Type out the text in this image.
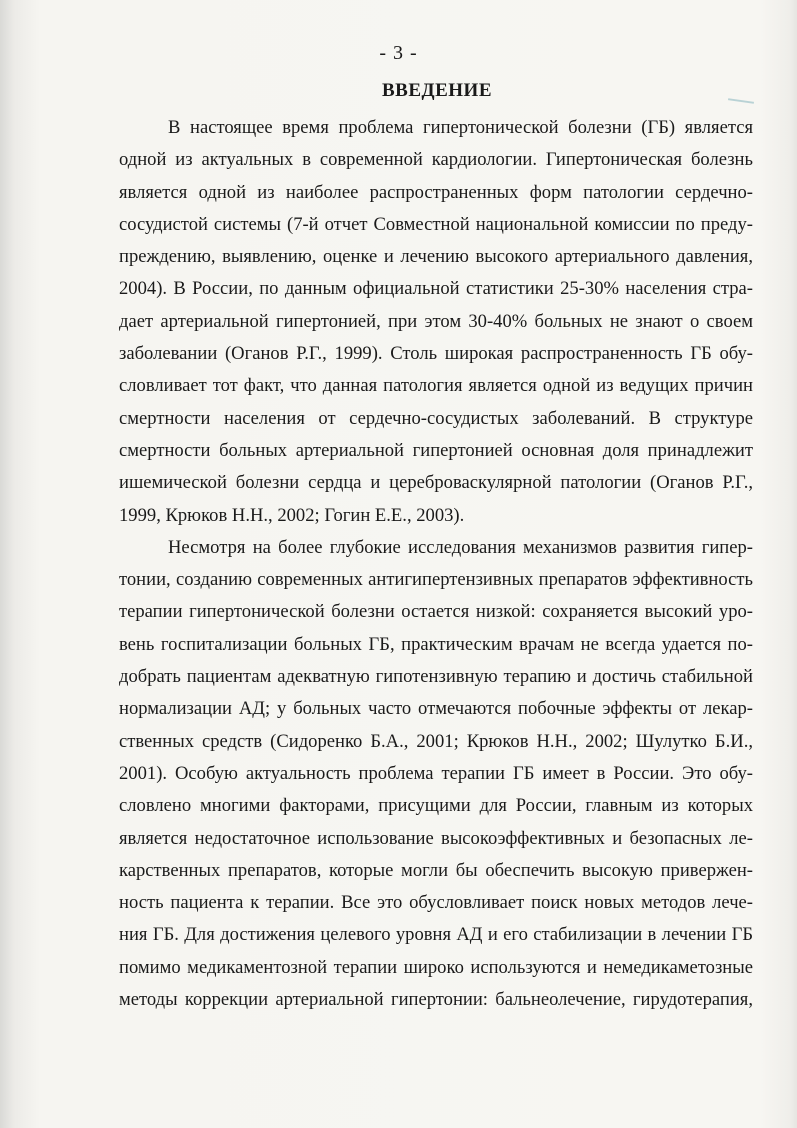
- 3 -
ВВЕДЕНИЕ

В настоящее время проблема гипертонической болезни (ГБ) является
одной из актуальных в современной кардиологии. Гипертоническая болезнь
является одной из наиболее распространенных форм патологии сердечно-
сосудистой системы (7-й отчет Совместной национальной комиссии по преду-
преждению, выявлению, оценке и лечению высокого артериального давления,
2004). В России, по данным официальной статистики 25-30% населения стра-
дает артериальной гипертонией, при этом 30-40% больных не знают о своем
заболевании (Оганов Р.Г., 1999). Столь широкая распространенность ГБ обу-
словливает тот факт, что данная патология является одной из ведущих причин
смертности населения от сердечно-сосудистых заболеваний. В структуре
смертности больных артериальной гипертонией основная доля принадлежит
ишемической болезни сердца и цереброваскулярной патологии (Оганов Р.Г.,
1999, Крюков Н.Н., 2002; Гогин Е.Е., 2003).

Несмотря на более глубокие исследования механизмов развития гипер-
тонии, созданию современных антигипертензивных препаратов эффективность
терапии гипертонической болезни остается низкой: сохраняется высокий уро-
вень госпитализации больных ГБ, практическим врачам не всегда удается по-
добрать пациентам адекватную гипотензивную терапию и достичь стабильной
нормализации АД; у больных часто отмечаются побочные эффекты от лекар-
ственных средств (Сидоренко Б.А., 2001; Крюков Н.Н., 2002; Шулутко Б.И.,
2001). Особую актуальность проблема терапии ГБ имеет в России. Это обу-
словлено многими факторами, присущими для России, главным из которых
является недостаточное использование высокоэффективных и безопасных ле-
карственных препаратов, которые могли бы обеспечить высокую привержен-
ность пациента к терапии. Все это обусловливает поиск новых методов лече-
ния ГБ. Для достижения целевого уровня АД и его стабилизации в лечении ГБ
помимо медикаментозной терапии широко используются и немедикаметозные
методы коррекции артериальной гипертонии: бальнеолечение, гирудотерапия,
